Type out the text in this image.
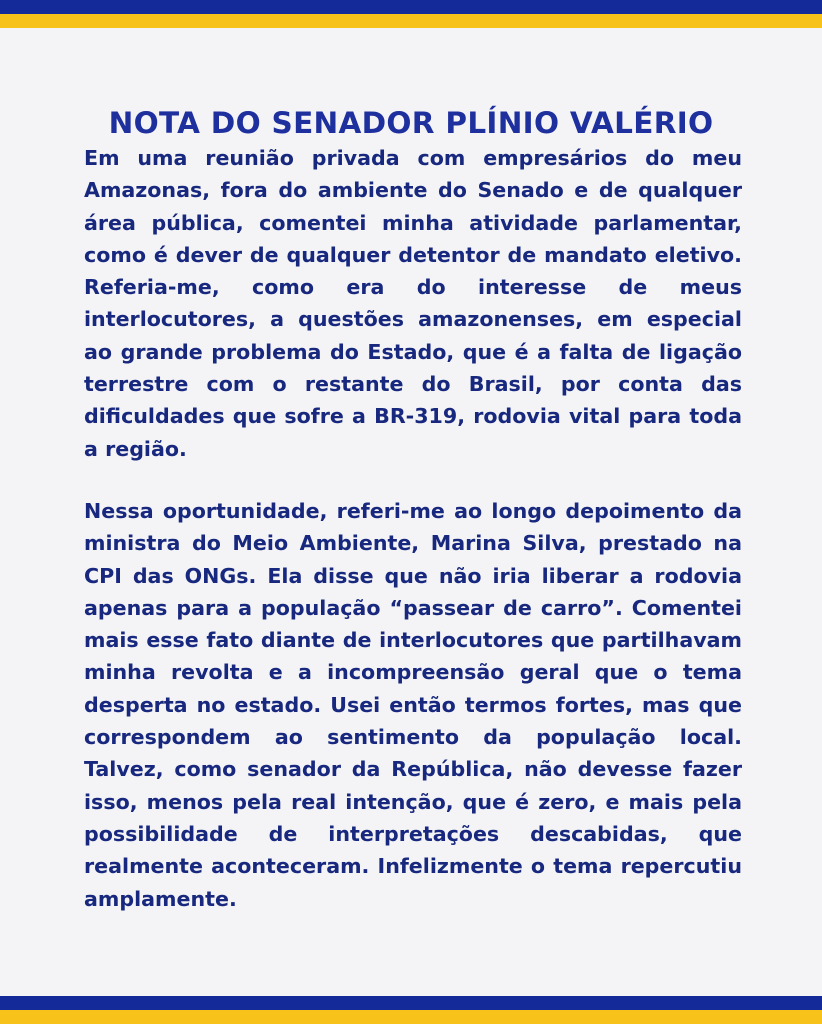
NOTA DO SENADOR PLÍNIO VALÉRIO

Em uma reunião privada com empresários do meu Amazonas, fora do ambiente do Senado e de qualquer área pública, comentei minha atividade parlamentar, como é dever de qualquer detentor de mandato eletivo. Referia-me, como era do interesse de meus interlocutores, a questões amazonenses, em especial ao grande problema do Estado, que é a falta de ligação terrestre com o restante do Brasil, por conta das dificuldades que sofre a BR-319, rodovia vital para toda a região.

Nessa oportunidade, referi-me ao longo depoimento da ministra do Meio Ambiente, Marina Silva, prestado na CPI das ONGs. Ela disse que não iria liberar a rodovia apenas para a população “passear de carro”. Comentei mais esse fato diante de interlocutores que partilhavam minha revolta e a incompreensão geral que o tema desperta no estado. Usei então termos fortes, mas que correspondem ao sentimento da população local. Talvez, como senador da República, não devesse fazer isso, menos pela real intenção, que é zero, e mais pela possibilidade de interpretações descabidas, que realmente aconteceram. Infelizmente o tema repercutiu amplamente.
